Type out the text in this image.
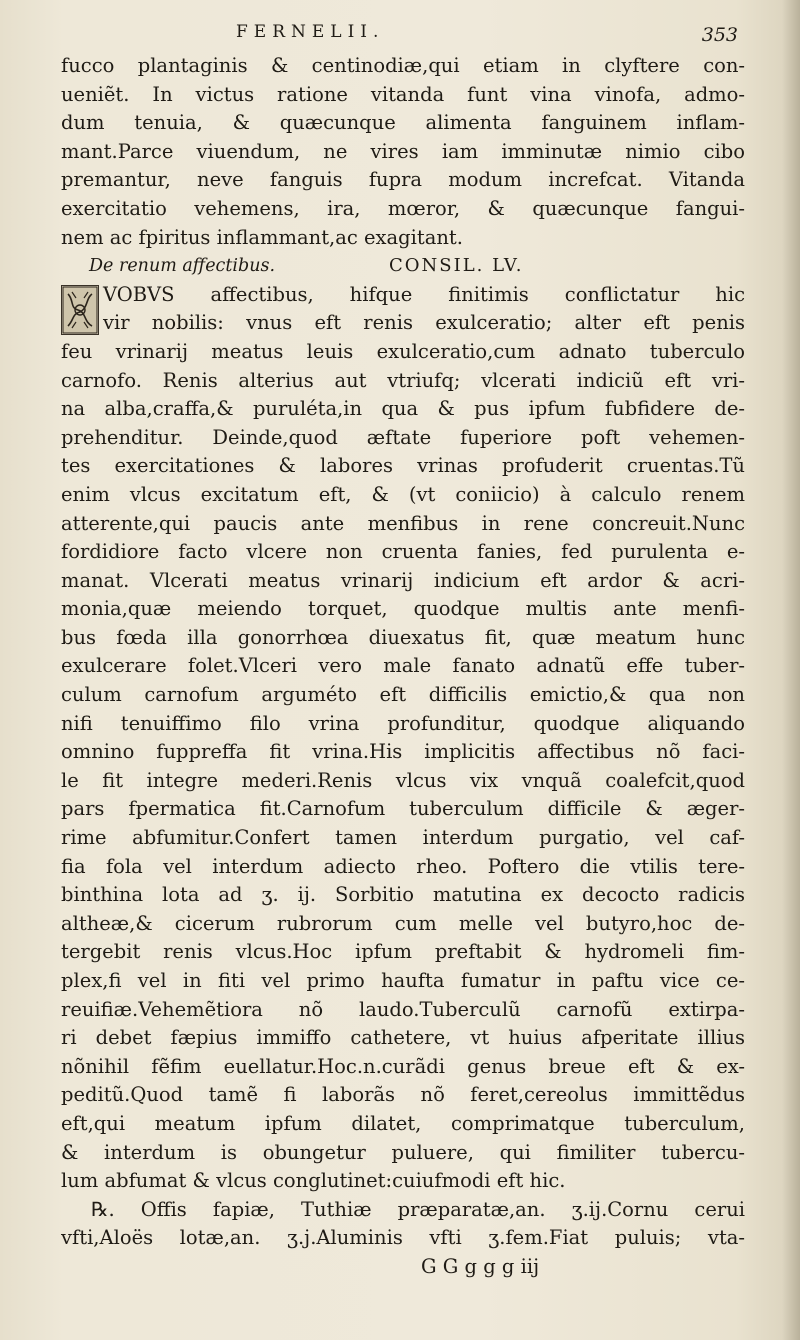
FERNELII.	353
fucco plantaginis & centinodiæ,qui etiam in clyftere con-
ueniẽt. In victus ratione vitanda funt vina vinofa, admo-
dum tenuia, & quæcunque alimenta fanguinem inflam-
mant.Parce viuendum, ne vires iam imminutæ nimio cibo
premantur, neve fanguis fupra modum increfcat. Vitanda
exercitatio vehemens, ira, mœror, & quæcunque fangui-
nem ac fpiritus inflammant,ac exagitant.
De renum affectibus.	CONSIL. LV.
VOBVS affectibus, hifque finitimis conflictatur hic
vir nobilis: vnus eft renis exulceratio; alter eft penis
feu vrinarij meatus leuis exulceratio,cum adnato tuberculo
carnofo. Renis alterius aut vtriufq; vlcerati indiciũ eft vri-
na alba,craffa,& puruléta,in qua & pus ipfum fubfidere de-
prehenditur. Deinde,quod æftate fuperiore poft vehemen-
tes exercitationes & labores vrinas profuderit cruentas.Tũ
enim vlcus excitatum eft, & (vt coniicio) à calculo renem
atterente,qui paucis ante menfibus in rene concreuit.Nunc
fordidiore facto vlcere non cruenta fanies, fed purulenta e-
manat. Vlcerati meatus vrinarij indicium eft ardor & acri-
monia,quæ meiendo torquet, quodque multis ante menfi-
bus fœda illa gonorrhœa diuexatus fit, quæ meatum hunc
exulcerare folet.Vlceri vero male fanato adnatũ effe tuber-
culum carnofum arguméto eft difficilis emictio,& qua non
nifi tenuiffimo filo vrina profunditur, quodque aliquando
omnino fuppreffa fit vrina.His implicitis affectibus nõ faci-
le fit integre mederi.Renis vlcus vix vnquã coalefcit,quod
pars fpermatica fit.Carnofum tuberculum difficile & æger-
rime abfumitur.Confert tamen interdum purgatio, vel caf-
fia fola vel interdum adiecto rheo. Poftero die vtilis tere-
binthina lota ad ʒ. ij. Sorbitio matutina ex decocto radicis
altheæ,& cicerum rubrorum cum melle vel butyro,hoc de-
tergebit renis vlcus.Hoc ipfum preftabit & hydromeli fim-
plex,fi vel in fiti vel primo haufta fumatur in paftu vice ce-
reuifiæ.Vehemẽtiora nõ laudo.Tuberculũ carnofũ extirpa-
ri debet fæpius immiffo cathetere, vt huius afperitate illius
nõnihil fẽfim euellatur.Hoc.n.curãdi genus breue eft & ex-
peditũ.Quod tamẽ fi laborãs nõ feret,cereolus immittẽdus
eft,qui meatum ipfum dilatet, comprimatque tuberculum,
& interdum is obungetur puluere, qui fimiliter tubercu-
lum abfumat & vlcus conglutinet:cuiufmodi eft hic.
℞. Offis fapiæ, Tuthiæ præparatæ,an. ʒ.ij.Cornu cerui
vfti,Aloës lotæ,an. ʒ.j.Aluminis vfti ʒ.fem.Fiat puluis; vta-
G G g g g iij
